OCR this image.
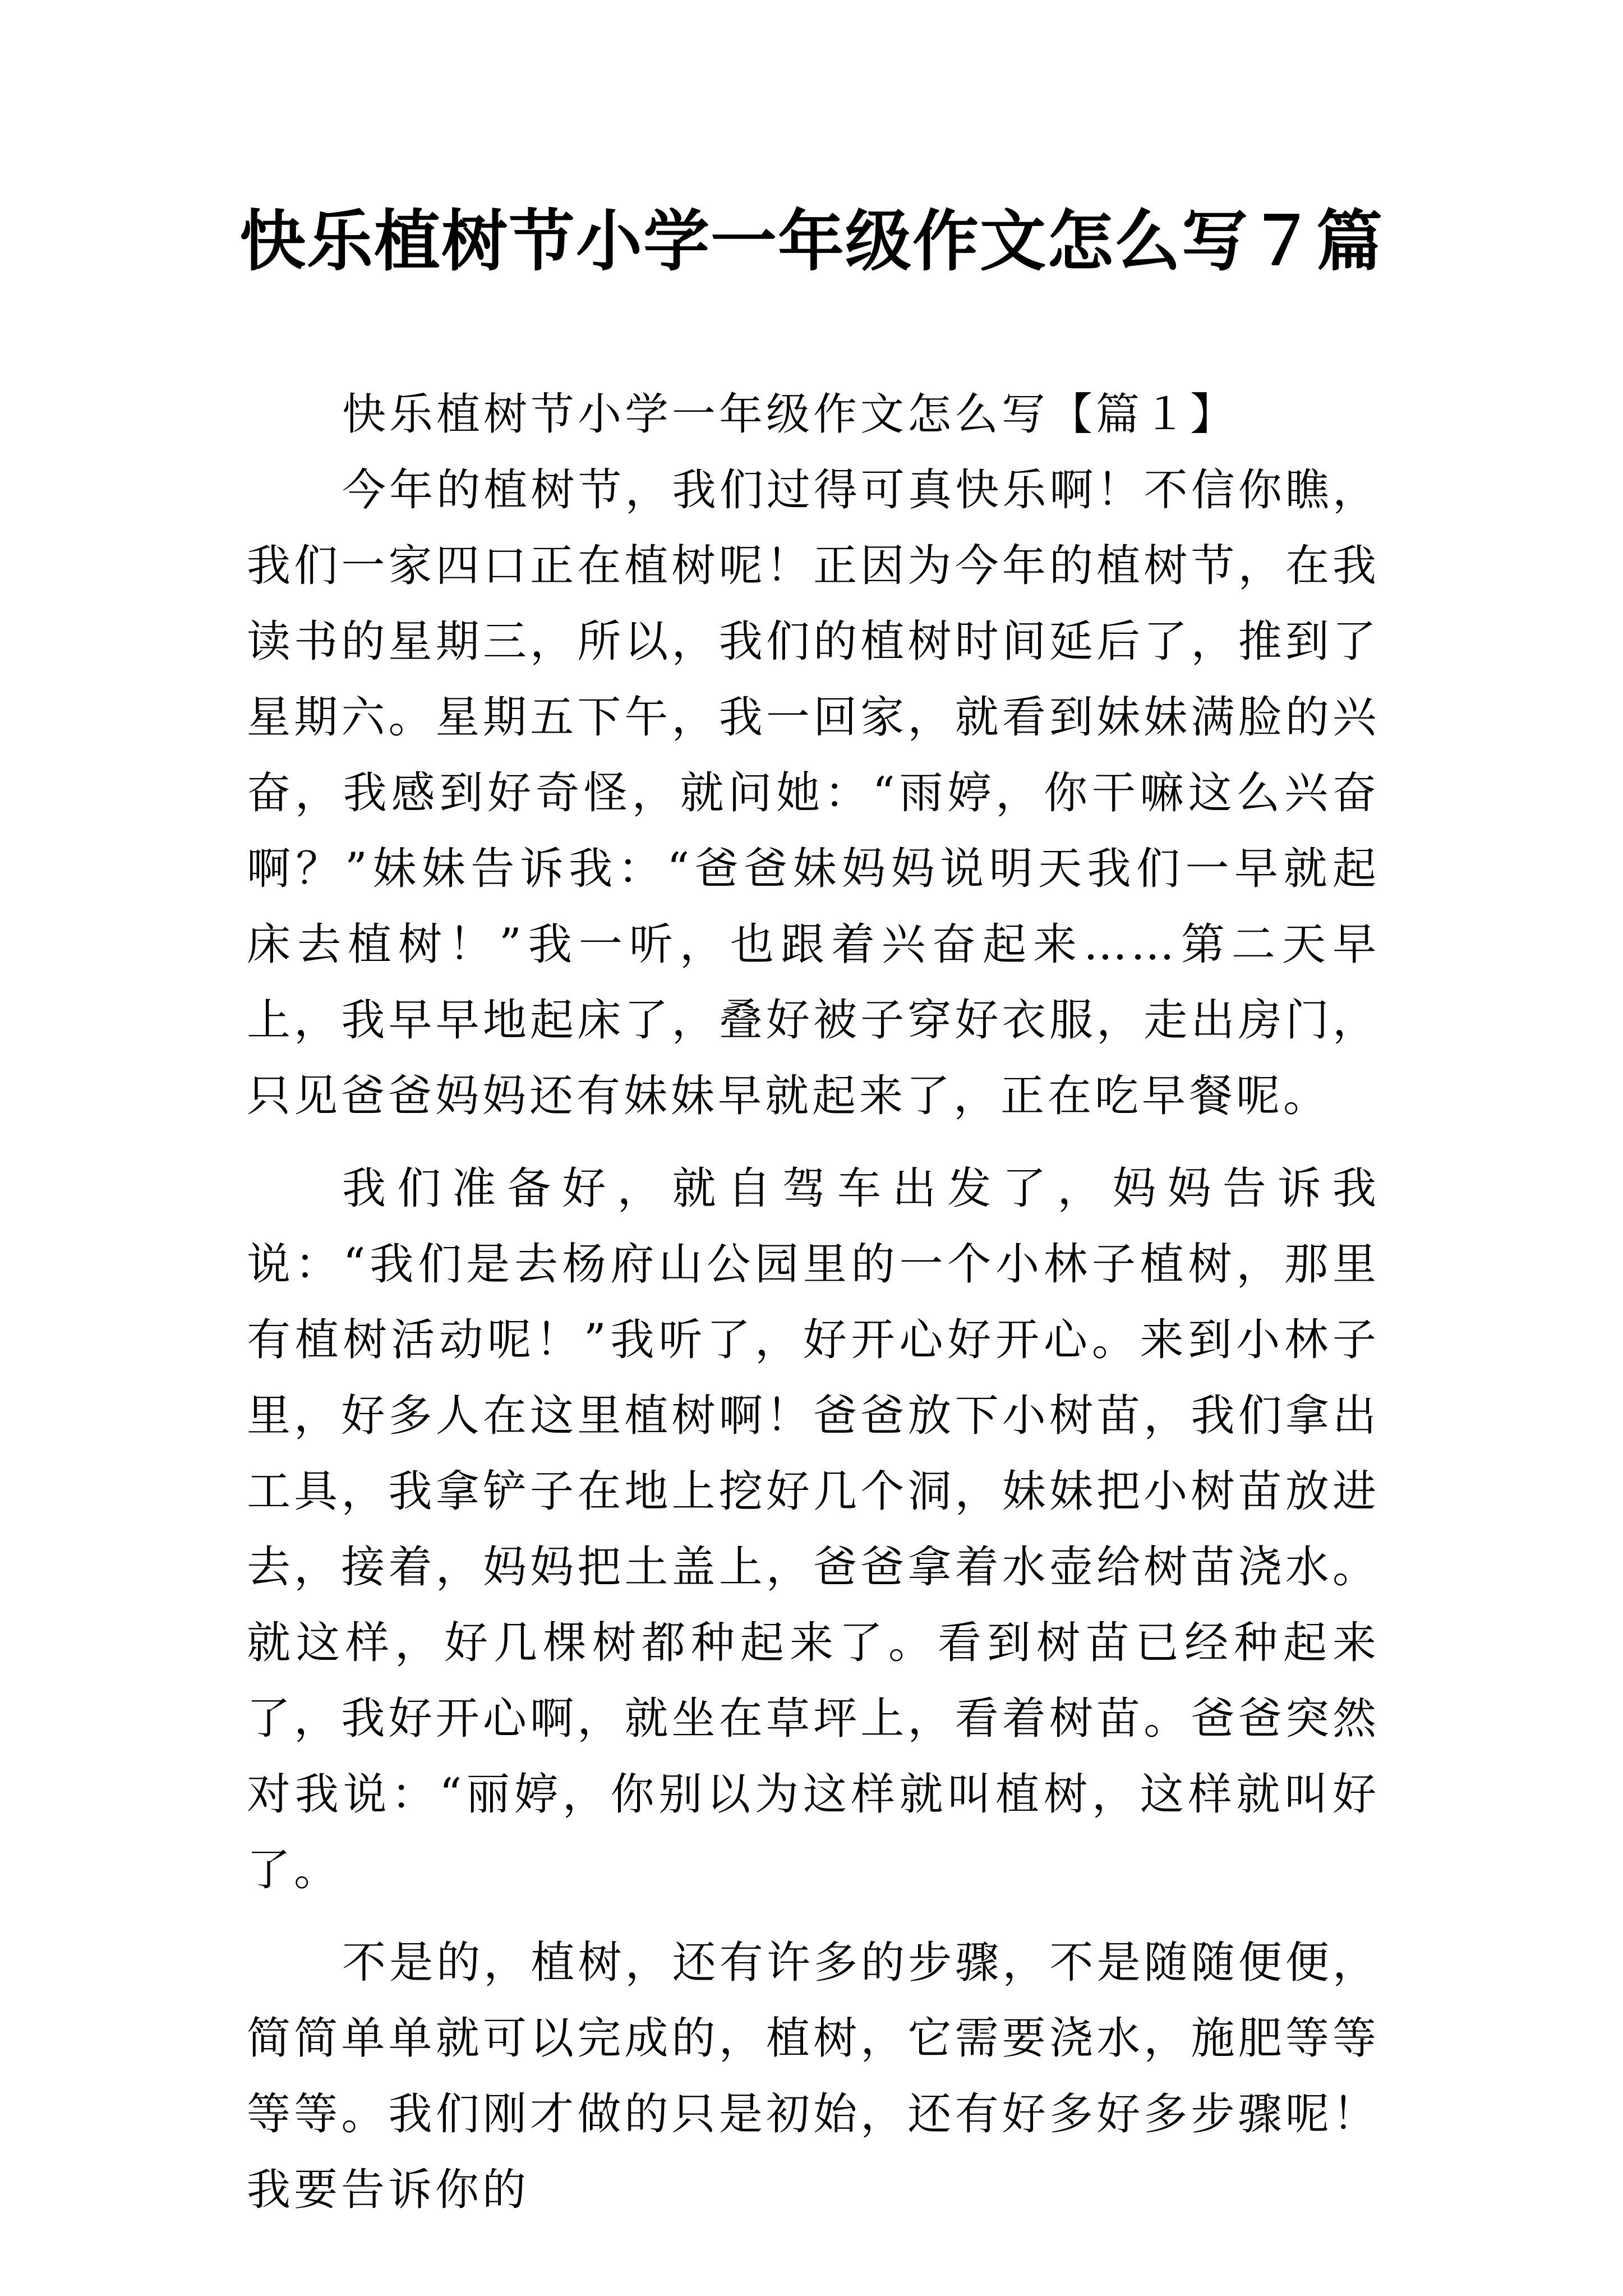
快乐植树节小学一年级作文怎么写７篇

快乐植树节小学一年级作文怎么写【篇１】

今年的植树节，我们过得可真快乐啊！不信你瞧，我们一家四口正在植树呢！正因为今年的植树节，在我读书的星期三，所以，我们的植树时间延后了，推到了星期六。星期五下午，我一回家，就看到妹妹满脸的兴奋，我感到好奇怪，就问她：“雨婷，你干嘛这么兴奋啊？”妹妹告诉我：“爸爸妹妈妈说明天我们一早就起床去植树！”我一听，也跟着兴奋起来……第二天早上，我早早地起床了，叠好被子穿好衣服，走出房门，只见爸爸妈妈还有妹妹早就起来了，正在吃早餐呢。

我们准备好，就自驾车出发了，妈妈告诉我说：“我们是去杨府山公园里的一个小林子植树，那里有植树活动呢！”我听了，好开心好开心。来到小林子里，好多人在这里植树啊！爸爸放下小树苗，我们拿出工具，我拿铲子在地上挖好几个洞，妹妹把小树苗放进去，接着，妈妈把土盖上，爸爸拿着水壶给树苗浇水。就这样，好几棵树都种起来了。看到树苗已经种起来了，我好开心啊，就坐在草坪上，看着树苗。爸爸突然对我说：“丽婷，你别以为这样就叫植树，这样就叫好了。

不是的，植树，还有许多的步骤，不是随随便便，简简单单就可以完成的，植树，它需要浇水，施肥等等等等。我们刚才做的只是初始，还有好多好多步骤呢！我要告诉你的
